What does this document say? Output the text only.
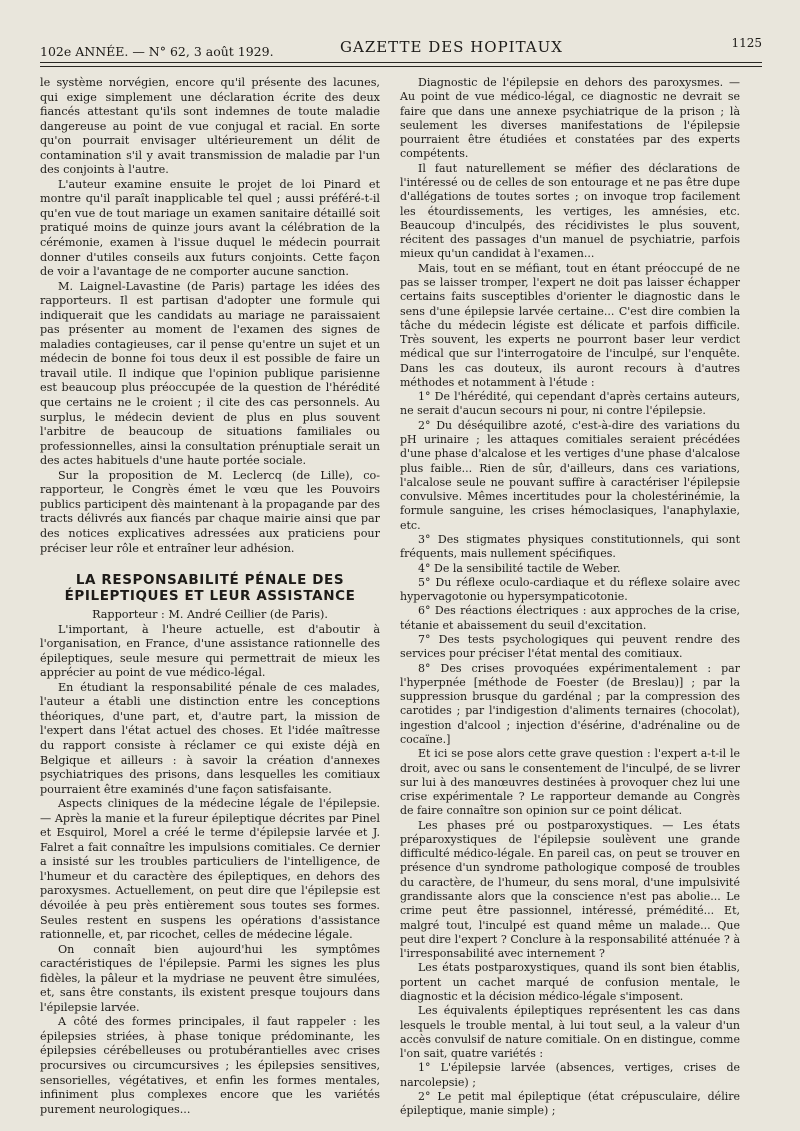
102e ANNÉE. — N° 62, 3 août 1929.	GAZETTE DES HOPITAUX	1125

le système norvégien, encore qu'il présente des lacunes, qui exige simplement une déclaration écrite des deux fiancés attestant qu'ils sont indemnes de toute maladie dangereuse au point de vue conjugal et racial. En sorte qu'on pourrait envisager ultérieurement un délit de contamination s'il y avait transmission de maladie par l'un des conjoints à l'autre.

L'auteur examine ensuite le projet de loi Pinard et montre qu'il paraît inapplicable tel quel ; aussi préféré-t-il qu'en vue de tout mariage un examen sanitaire détaillé soit pratiqué moins de quinze jours avant la célébration de la cérémonie, examen à l'issue duquel le médecin pourrait donner d'utiles conseils aux futurs conjoints. Cette façon de voir a l'avantage de ne comporter aucune sanction.

M. Laignel-Lavastine (de Paris) partage les idées des rapporteurs. Il est partisan d'adopter une formule qui indiquerait que les candidats au mariage ne paraissaient pas présenter au moment de l'examen des signes de maladies contagieuses, car il pense qu'entre un sujet et un médecin de bonne foi tous deux il est possible de faire un travail utile. Il indique que l'opinion publique parisienne est beaucoup plus préoccupée de la question de l'hérédité que certains ne le croient ; il cite des cas personnels. Au surplus, le médecin devient de plus en plus souvent l'arbitre de beaucoup de situations familiales ou professionnelles, ainsi la consultation prénuptiale serait un des actes habituels d'une haute portée sociale.

Sur la proposition de M. Leclercq (de Lille), co-rapporteur, le Congrès émet le vœu que les Pouvoirs publics participent dès maintenant à la propagande par des tracts délivrés aux fiancés par chaque mairie ainsi que par des notices explicatives adressées aux praticiens pour préciser leur rôle et entraîner leur adhésion.

LA RESPONSABILITÉ PÉNALE DES ÉPILEPTIQUES ET LEUR ASSISTANCE

Rapporteur : M. André Ceillier (de Paris).

L'important, à l'heure actuelle, est d'aboutir à l'organisation, en France, d'une assistance rationnelle des épileptiques, seule mesure qui permettrait de mieux les apprécier au point de vue médico-légal.

En étudiant la responsabilité pénale de ces malades, l'auteur a établi une distinction entre les conceptions théoriques, d'une part, et, d'autre part, la mission de l'expert dans l'état actuel des choses. Et l'idée maîtresse du rapport consiste à réclamer ce qui existe déjà en Belgique et ailleurs : à savoir la création d'annexes psychiatriques des prisons, dans lesquelles les comitiaux pourraient être examinés d'une façon satisfaisante.

Aspects cliniques de la médecine légale de l'épilepsie. — Après la manie et la fureur épileptique décrites par Pinel et Esquirol, Morel a créé le terme d'épilepsie larvée et J. Falret a fait connaître les impulsions comitiales. Ce dernier a insisté sur les troubles particuliers de l'intelligence, de l'humeur et du caractère des épileptiques, en dehors des paroxysmes. Actuellement, on peut dire que l'épilepsie est dévoilée à peu près entièrement sous toutes ses formes. Seules restent en suspens les opérations d'assistance rationnelle, et, par ricochet, celles de médecine légale.

On connaît bien aujourd'hui les symptômes caractéristiques de l'épilepsie. Parmi les signes les plus fidèles, la pâleur et la mydriase ne peuvent être simulées, et, sans être constants, ils existent presque toujours dans l'épilepsie larvée.

A côté des formes principales, il faut rappeler : les épilepsies striées, à phase tonique prédominante, les épilepsies cérébelleuses ou protubérantielles avec crises procursives ou circumcursives ; les épilepsies sensitives, sensorielles, végétatives, et enfin les formes mentales, infiniment plus complexes encore que les variétés purement neurologiques...

Diagnostic de l'épilepsie en dehors des paroxysmes. — Au point de vue médico-légal, ce diagnostic ne devrait se faire que dans une annexe psychiatrique de la prison ; là seulement les diverses manifestations de l'épilepsie pourraient être étudiées et constatées par des experts compétents.

Il faut naturellement se méfier des déclarations de l'intéressé ou de celles de son entourage et ne pas être dupe d'allégations de toutes sortes ; on invoque trop facilement les étourdissements, les vertiges, les amnésies, etc. Beaucoup d'inculpés, des récidivistes le plus souvent, récitent des passages d'un manuel de psychiatrie, parfois mieux qu'un candidat à l'examen...

Mais, tout en se méfiant, tout en étant préoccupé de ne pas se laisser tromper, l'expert ne doit pas laisser échapper certains faits susceptibles d'orienter le diagnostic dans le sens d'une épilepsie larvée certaine... C'est dire combien la tâche du médecin légiste est délicate et parfois difficile. Très souvent, les experts ne pourront baser leur verdict médical que sur l'interrogatoire de l'inculpé, sur l'enquête. Dans les cas douteux, ils auront recours à d'autres méthodes et notamment à l'étude :

1° De l'hérédité, qui cependant d'après certains auteurs, ne serait d'aucun secours ni pour, ni contre l'épilepsie.

2° Du déséquilibre azoté, c'est-à-dire des variations du pH urinaire ; les attaques comitiales seraient précédées d'une phase d'alcalose et les vertiges d'une phase d'alcalose plus faible... Rien de sûr, d'ailleurs, dans ces variations, l'alcalose seule ne pouvant suffire à caractériser l'épilepsie convulsive. Mêmes incertitudes pour la cholestérinémie, la formule sanguine, les crises hémoclasiques, l'anaphylaxie, etc.

3° Des stigmates physiques constitutionnels, qui sont fréquents, mais nullement spécifiques.

4° De la sensibilité tactile de Weber.

5° Du réflexe oculo-cardiaque et du réflexe solaire avec hypervagotonie ou hypersympaticotonie.

6° Des réactions électriques : aux approches de la crise, tétanie et abaissement du seuil d'excitation.

7° Des tests psychologiques qui peuvent rendre des services pour préciser l'état mental des comitiaux.

8° Des crises provoquées expérimentalement : par l'hyperpnée [méthode de Foester (de Breslau)] ; par la suppression brusque du gardénal ; par la compression des carotides ; par l'indigestion d'aliments ternaires (chocolat), ingestion d'alcool ; injection d'ésérine, d'adrénaline ou de cocaïne.]

Et ici se pose alors cette grave question : l'expert a-t-il le droit, avec ou sans le consentement de l'inculpé, de se livrer sur lui à des manœuvres destinées à provoquer chez lui une crise expérimentale ? Le rapporteur demande au Congrès de faire connaître son opinion sur ce point délicat.

Les phases pré ou postparoxystiques. — Les états préparoxystiques de l'épilepsie soulèvent une grande difficulté médico-légale. En pareil cas, on peut se trouver en présence d'un syndrome pathologique composé de troubles du caractère, de l'humeur, du sens moral, d'une impulsivité grandissante alors que la conscience n'est pas abolie... Le crime peut être passionnel, intéressé, prémédité... Et, malgré tout, l'inculpé est quand même un malade... Que peut dire l'expert ? Conclure à la responsabilité atténuée ? à l'irresponsabilité avec internement ?

Les états postparoxystiques, quand ils sont bien établis, portent un cachet marqué de confusion mentale, le diagnostic et la décision médico-légale s'imposent.

Les équivalents épileptiques représentent les cas dans lesquels le trouble mental, à lui tout seul, a la valeur d'un accès convulsif de nature comitiale. On en distingue, comme l'on sait, quatre variétés :

1° L'épilepsie larvée (absences, vertiges, crises de narcolepsie) ;

2° Le petit mal épileptique (état crépusculaire, délire épileptique, manie simple) ;
